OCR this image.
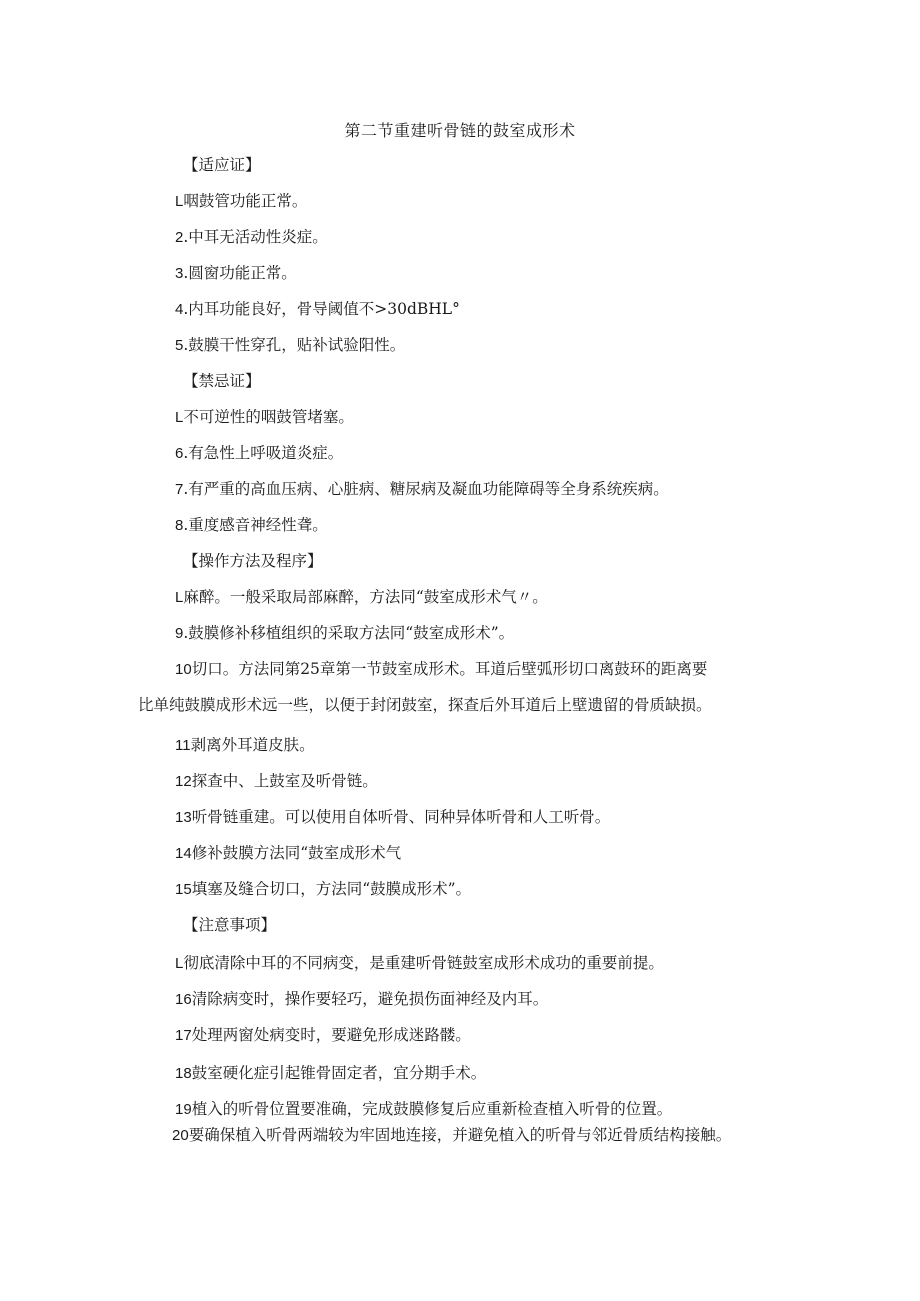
第二节重建听骨链的鼓室成形术
【适应证】
L咽鼓管功能正常。
2.中耳无活动性炎症。
3.圆窗功能正常。
4.内耳功能良好，骨导阈值不>30dBHL°
5.鼓膜干性穿孔，贴补试验阳性。
【禁忌证】
L不可逆性的咽鼓管堵塞。
6.有急性上呼吸道炎症。
7.有严重的高血压病、心脏病、糖尿病及凝血功能障碍等全身系统疾病。
8.重度感音神经性聋。
【操作方法及程序】
L麻醉。一般采取局部麻醉，方法同“鼓室成形术气〃。
9.鼓膜修补移植组织的采取方法同“鼓室成形术”。
10切口。方法同第25章第一节鼓室成形术。耳道后壁弧形切口离鼓环的距离要
比单纯鼓膜成形术远一些，以便于封闭鼓室，探查后外耳道后上壁遗留的骨质缺损。
11剥离外耳道皮肤。
12探查中、上鼓室及听骨链。
13听骨链重建。可以使用自体听骨、同种异体听骨和人工听骨。
14修补鼓膜方法同“鼓室成形术气
15填塞及缝合切口，方法同“鼓膜成形术”。
【注意事项】
L彻底清除中耳的不同病变，是重建听骨链鼓室成形术成功的重要前提。
16清除病变时，操作要轻巧，避免损伤面神经及内耳。
17处理两窗处病变时，要避免形成迷路髅。
18鼓室硬化症引起锥骨固定者，宜分期手术。
19植入的听骨位置要准确，完成鼓膜修复后应重新检查植入听骨的位置。
20要确保植入听骨两端较为牢固地连接，并避免植入的听骨与邻近骨质结构接触。
